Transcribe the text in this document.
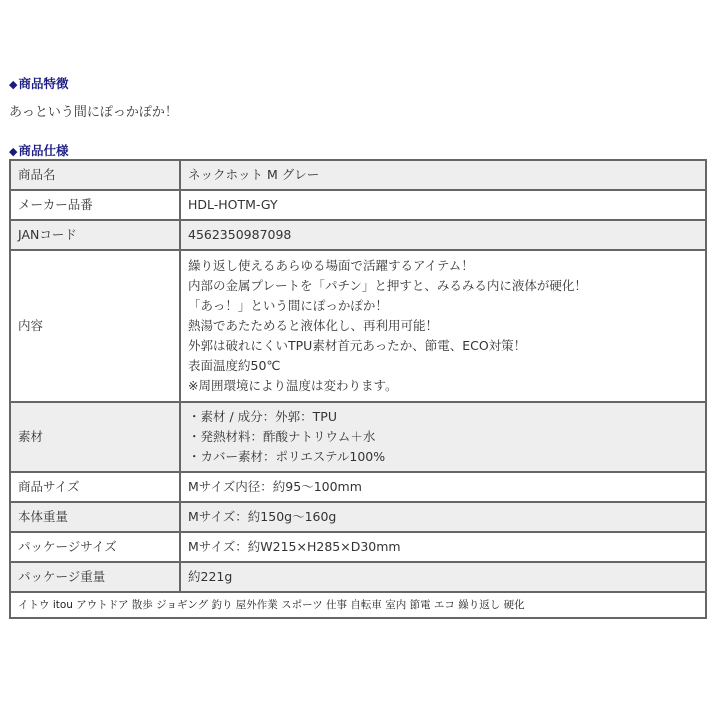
◆商品特徴
あっという間にぽっかぽか！
◆商品仕様
商品名	ネックホット M グレー
メーカー品番	HDL-HOTM-GY
JANコード	4562350987098
内容	
繰り返し使えるあらゆる場面で活躍するアイテム！
内部の金属プレートを「パチン」と押すと、みるみる内に液体が硬化！
「あっ！」という間にぽっかぽか！
熱湯であたためると液体化し、再利用可能！
外郭は破れにくいTPU素材首元あったか、節電、ECO対策！
表面温度約50℃
※周囲環境により温度は変わります。

素材	・素材 / 成分：外郭：TPU
・発熱材料：酢酸ナトリウム＋水
・カバー素材：ポリエステル100%

商品サイズ	Mサイズ内径：約95～100mm
本体重量	Mサイズ：約150g～160g
パッケージサイズ	Mサイズ：約W215×H285×D30mm
パッケージ重量	約221g
イトウ itou アウトドア 散歩 ジョギング 釣り 屋外作業 スポーツ 仕事 自転車 室内 節電 エコ 繰り返し 硬化	
